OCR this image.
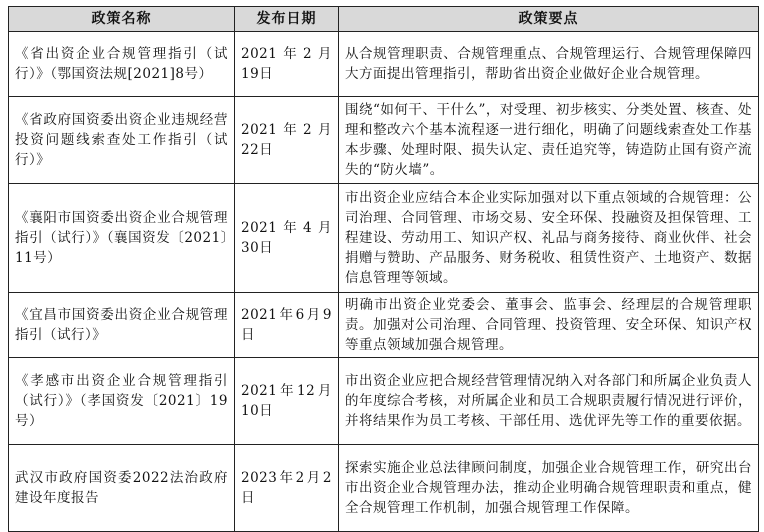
政策名称	发布日期	政策要点
《省出资企业合规管理指引（试行）》（鄂国资法规[2021]8号）	2021年2月19日	从合规管理职责、合规管理重点、合规管理运行、合规管理保障四大方面提出管理指引，帮助省出资企业做好企业合规管理。
《省政府国资委出资企业违规经营投资问题线索查处工作指引（试行）》	2021年2月22日	围绕“如何干、干什么”，对受理、初步核实、分类处置、核查、处理和整改六个基本流程逐一进行细化，明确了问题线索查处工作基本步骤、处理时限、损失认定、责任追究等，铸造防止国有资产流失的“防火墙”。
《襄阳市国资委出资企业合规管理指引（试行）》（襄国资发〔2021〕11号）	2021年4月30日	市出资企业应结合本企业实际加强对以下重点领域的合规管理：公司治理、合同管理、市场交易、安全环保、投融资及担保管理、工程建设、劳动用工、知识产权、礼品与商务接待、商业伙伴、社会捐赠与赞助、产品服务、财务税收、租赁性资产、土地资产、数据信息管理等领域。
《宜昌市国资委出资企业合规管理指引（试行）》	2021年6月9日	明确市出资企业党委会、董事会、监事会、经理层的合规管理职责。加强对公司治理、合同管理、投资管理、安全环保、知识产权等重点领域加强合规管理。
《孝感市出资企业合规管理指引（试行）》（孝国资发〔2021〕19号）	2021年12月10日	市出资企业应把合规经营管理情况纳入对各部门和所属企业负责人的年度综合考核，对所属企业和员工合规职责履行情况进行评价，并将结果作为员工考核、干部任用、选优评先等工作的重要依据。
武汉市政府国资委2022法治政府建设年度报告	2023年2月2日	探索实施企业总法律顾问制度，加强企业合规管理工作，研究出台市出资企业合规管理办法，推动企业明确合规管理职责和重点，健全合规管理工作机制，加强合规管理工作保障。
